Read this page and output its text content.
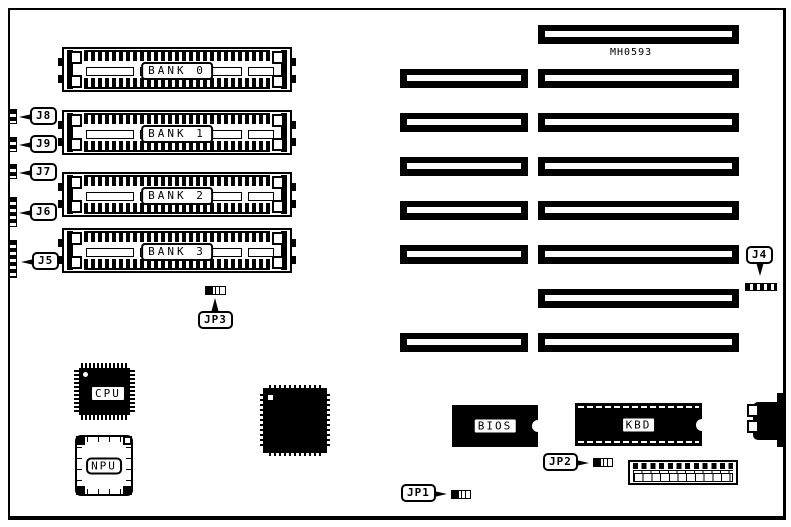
MH0593
BANK 0
BANK 1
BANK 2
BANK 3
J8
J9
J7
J6
J5
JP3
J4
JP1
JP2
CPU
NPU
BIOS	KBD
